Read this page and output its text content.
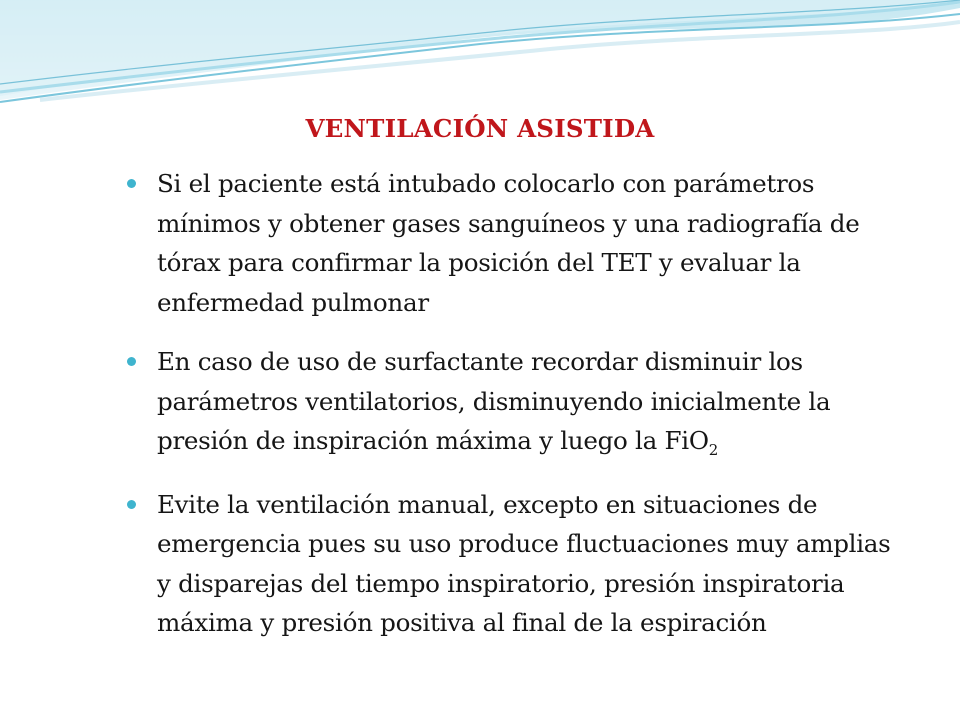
VENTILACIÓN ASISTIDA
Si el paciente está intubado colocarlo con parámetros mínimos y obtener gases sanguíneos y una radiografía de tórax para confirmar la posición del TET y evaluar la enfermedad pulmonar
En caso de uso de surfactante recordar disminuir los parámetros ventilatorios, disminuyendo inicialmente la presión de inspiración máxima y luego la FiO$_2$
Evite la ventilación manual, excepto en situaciones de emergencia pues su uso produce fluctuaciones muy amplias y disparejas del tiempo inspiratorio, presión inspiratoria máxima y presión positiva al final de la espiración
